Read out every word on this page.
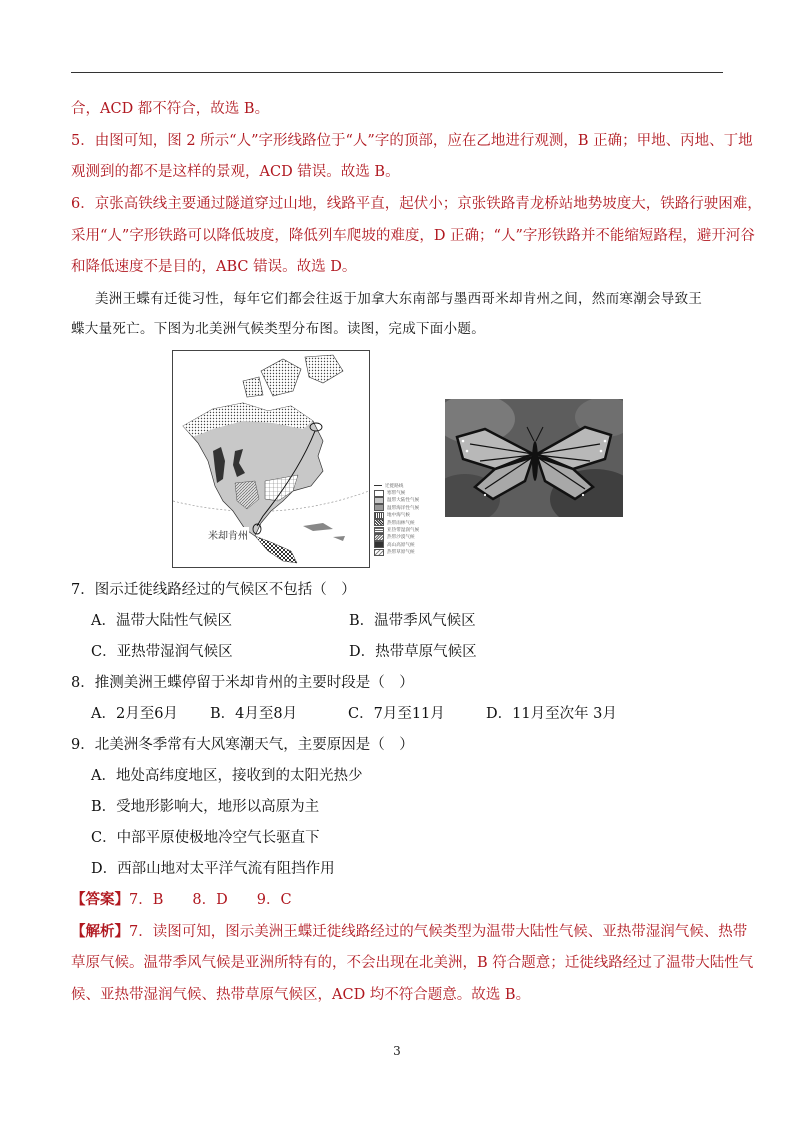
合，ACD 都不符合，故选 B。
5．由图可知，图 2 所示“人”字形线路位于“人”字的顶部，应在乙地进行观测，B 正确；甲地、丙地、丁地
观测到的都不是这样的景观，ACD 错误。故选 B。
6．京张高铁线主要通过隧道穿过山地，线路平直，起伏小；京张铁路青龙桥站地势坡度大，铁路行驶困难，
采用“人”字形铁路可以降低坡度，降低列车爬坡的难度，D 正确；“人”字形铁路并不能缩短路程，避开河谷
和降低速度不是目的，ABC 错误。故选 D。
美洲王蝶有迁徙习性，每年它们都会往返于加拿大东南部与墨西哥米却肯州之间，然而寒潮会导致王
蝶大量死亡。下图为北美洲气候类型分布图。读图，完成下面小题。
米却肯州
迁徙路线
寒带气候
温带大陆性气候
温带海洋性气候
地中海气候
热带雨林气候
亚热带湿润气候
热带沙漠气候
高山高原气候
热带草原气候
7．图示迁徙线路经过的气候区不包括（　）
A．温带大陆性气候区	B．温带季风气候区
C．亚热带湿润气候区	D．热带草原气候区
8．推测美洲王蝶停留于米却肯州的主要时段是（　）
A．2月至6月 B．4月至8月	C．7月至11月	D．11月至次年 3月
9．北美洲冬季常有大风寒潮天气，主要原因是（　）
A．地处高纬度地区，接收到的太阳光热少
B．受地形影响大，地形以高原为主
C．中部平原使极地冷空气长驱直下
D．西部山地对太平洋气流有阻挡作用
【答案】7．B　　8．D　　9．C
【解析】7．读图可知，图示美洲王蝶迁徙线路经过的气候类型为温带大陆性气候、亚热带湿润气候、热带
草原气候。温带季风气候是亚洲所特有的，不会出现在北美洲，B 符合题意；迁徙线路经过了温带大陆性气
候、亚热带湿润气候、热带草原气候区，ACD 均不符合题意。故选 B。
3
